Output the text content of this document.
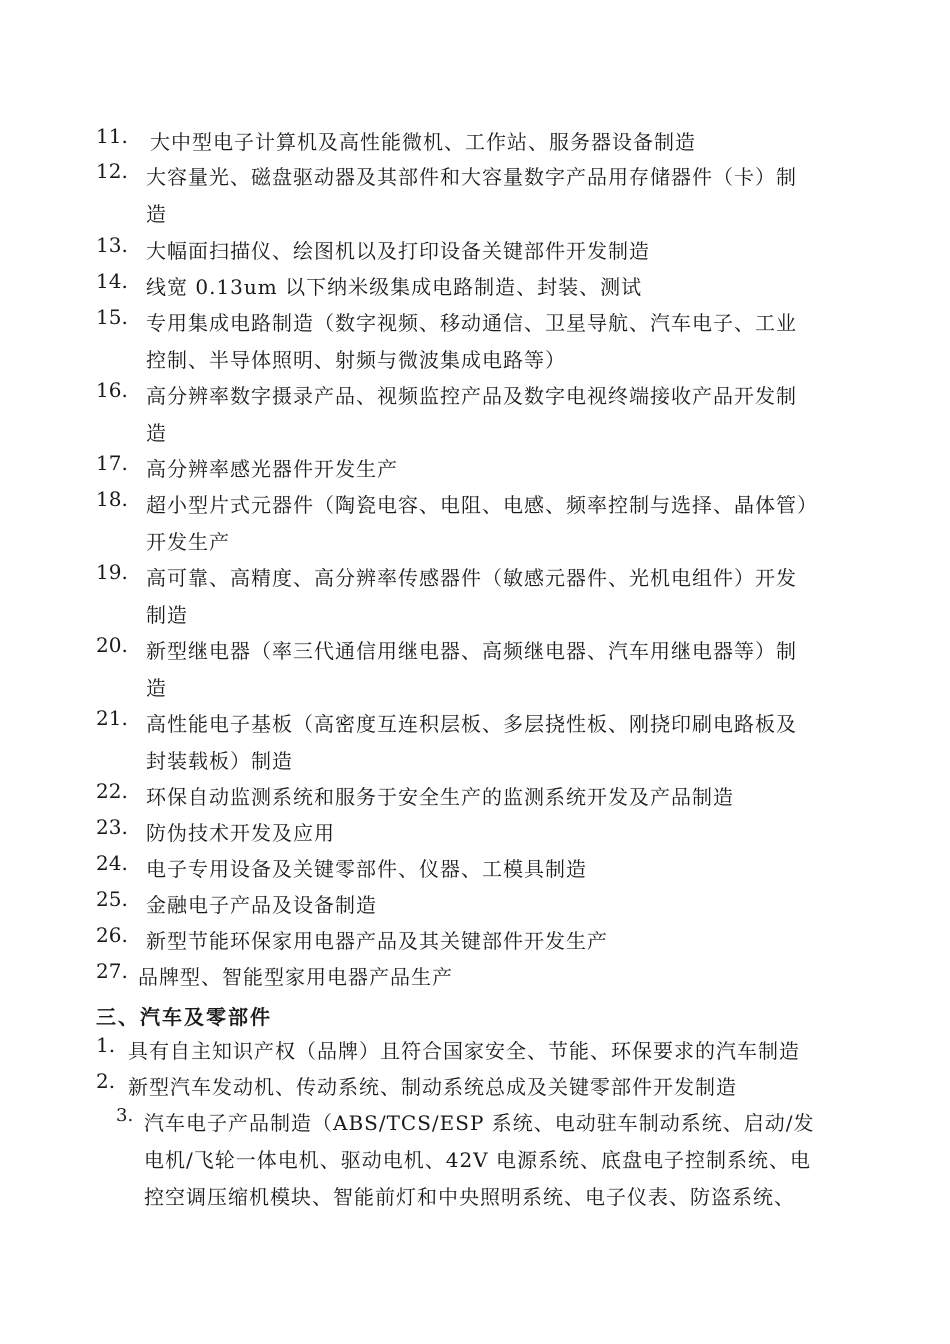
11. 大中型电子计算机及高性能微机、工作站、服务器设备制造
12. 大容量光、磁盘驱动器及其部件和大容量数字产品用存储器件（卡）制造
13. 大幅面扫描仪、绘图机以及打印设备关键部件开发制造
14. 线宽 0.13um 以下纳米级集成电路制造、封装、测试
15. 专用集成电路制造（数字视频、移动通信、卫星导航、汽车电子、工业控制、半导体照明、射频与微波集成电路等）
16. 高分辨率数字摄录产品、视频监控产品及数字电视终端接收产品开发制造
17. 高分辨率感光器件开发生产
18. 超小型片式元器件（陶瓷电容、电阻、电感、频率控制与选择、晶体管）开发生产
19. 高可靠、高精度、高分辨率传感器件（敏感元器件、光机电组件）开发制造
20. 新型继电器（率三代通信用继电器、高频继电器、汽车用继电器等）制造
21. 高性能电子基板（高密度互连积层板、多层挠性板、刚挠印刷电路板及封装载板）制造
22. 环保自动监测系统和服务于安全生产的监测系统开发及产品制造
23. 防伪技术开发及应用
24. 电子专用设备及关键零部件、仪器、工模具制造
25. 金融电子产品及设备制造
26. 新型节能环保家用电器产品及其关键部件开发生产
27. 品牌型、智能型家用电器产品生产
三、汽车及零部件
1. 具有自主知识产权（品牌）且符合国家安全、节能、环保要求的汽车制造
2. 新型汽车发动机、传动系统、制动系统总成及关键零部件开发制造
3. 汽车电子产品制造（ABS/TCS/ESP 系统、电动驻车制动系统、启动/发电机/飞轮一体电机、驱动电机、42V 电源系统、底盘电子控制系统、电控空调压缩机模块、智能前灯和中央照明系统、电子仪表、防盗系统、
